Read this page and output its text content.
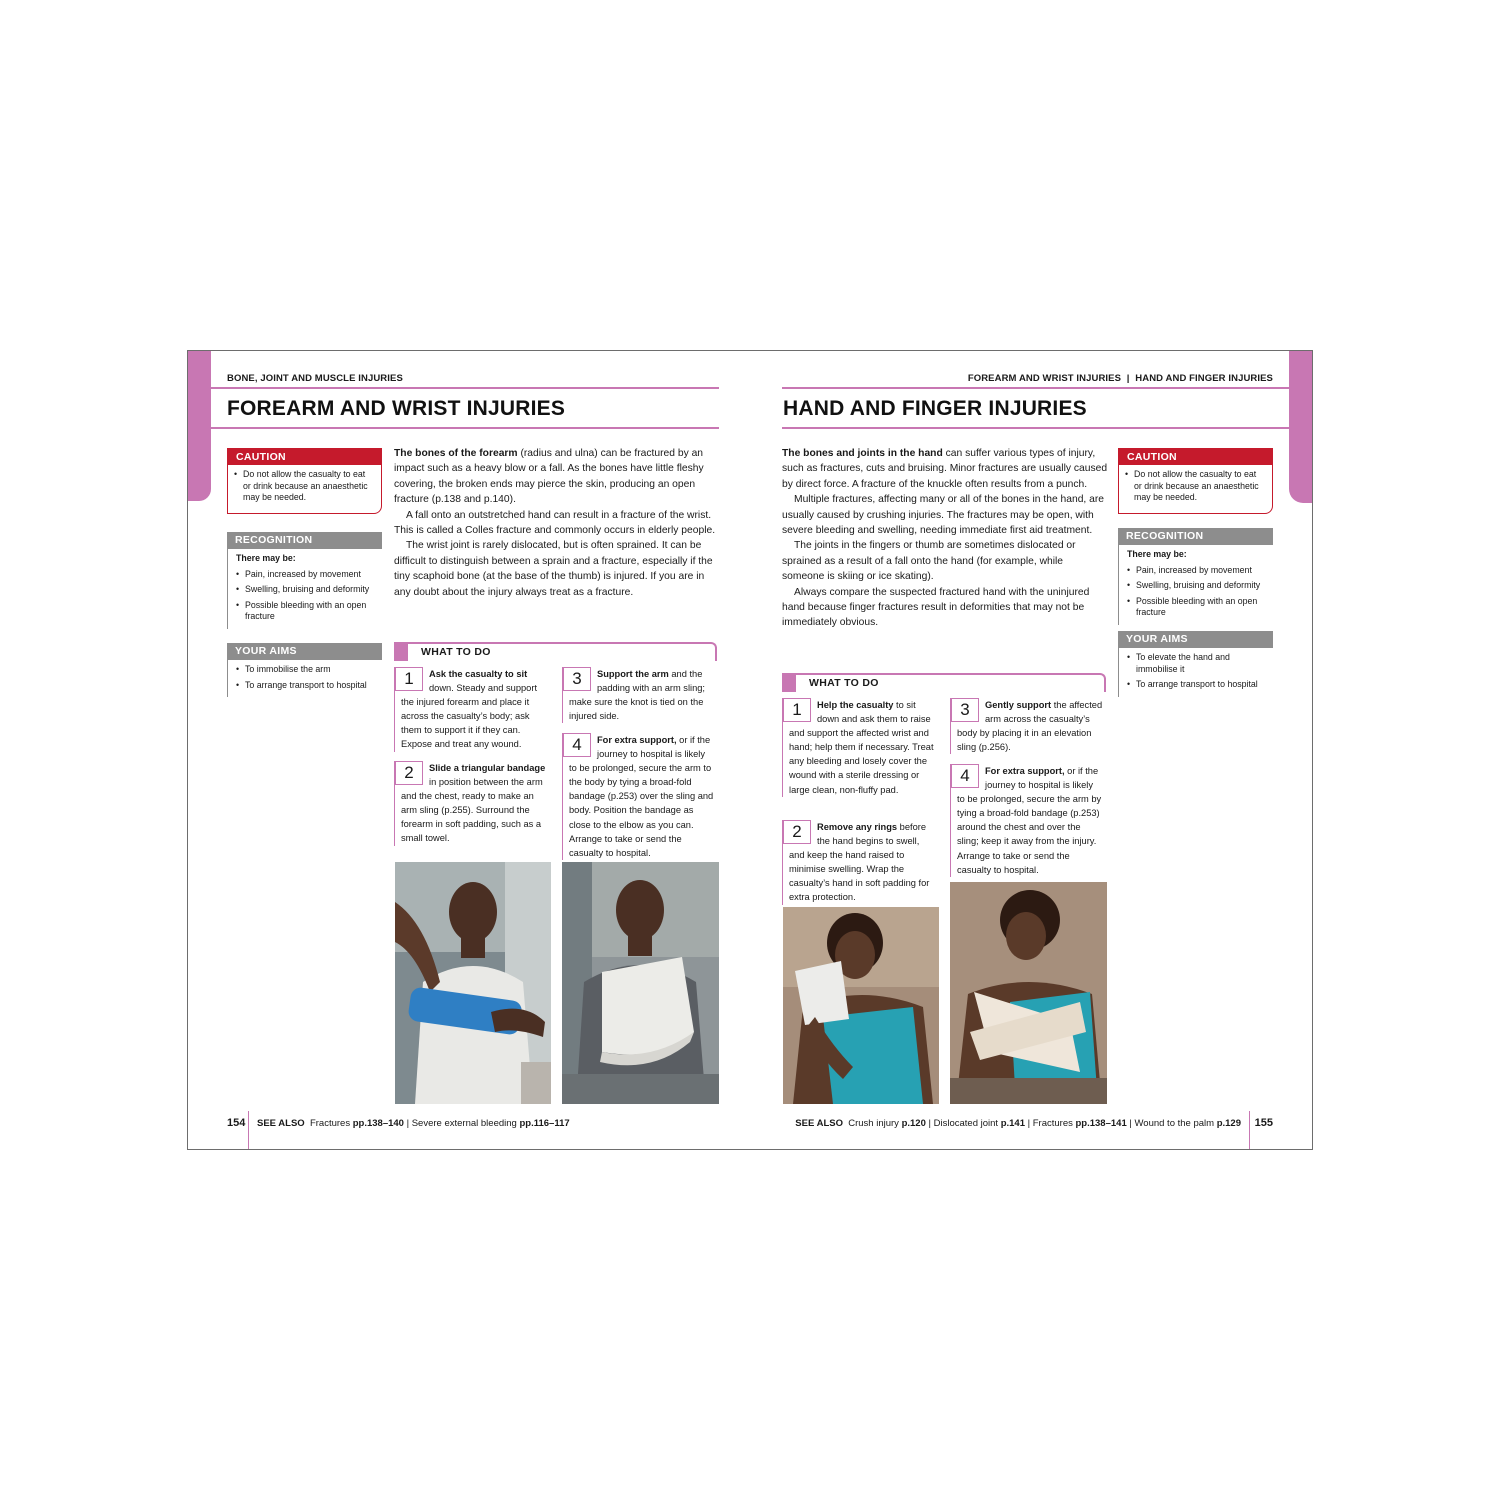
BONE, JOINT AND MUSCLE INJURIES
FOREARM AND WRIST INJURIES
CAUTION
• Do not allow the casualty to eat or drink because an anaesthetic may be needed.
RECOGNITION
There may be:
• Pain, increased by movement
• Swelling, bruising and deformity
• Possible bleeding with an open fracture
YOUR AIMS
• To immobilise the arm
• To arrange transport to hospital

The bones of the forearm (radius and ulna) can be fractured by an impact such as a heavy blow or a fall. As the bones have little fleshy covering, the broken ends may pierce the skin, producing an open fracture (p.138 and p.140).

A fall onto an outstretched hand can result in a fracture of the wrist. This is called a Colles fracture and commonly occurs in elderly people.

The wrist joint is rarely dislocated, but is often sprained. It can be difficult to distinguish between a sprain and a fracture, especially if the tiny scaphoid bone (at the base of the thumb) is injured. If you are in any doubt about the injury always treat as a fracture.

WHAT TO DO
1	Ask the casualty to sit down. Steady and support the injured forearm and place it across the casualty’s body; ask them to support it if they can. Expose and treat any wound.
2	Slide a triangular bandage in position between the arm and the chest, ready to make an arm sling (p.255). Surround the forearm in soft padding, such as a small towel.
3	Support the arm and the padding with an arm sling; make sure the knot is tied on the injured side.
4	For extra support, or if the journey to hospital is likely to be prolonged, secure the arm to the body by tying a broad-fold bandage (p.253) over the sling and body. Position the bandage as close to the elbow as you can. Arrange to take or send the casualty to hospital.
154 SEE ALSO Fractures pp.138–140 | Severe external bleeding pp.116–117
FOREARM AND WRIST INJURIES | HAND AND FINGER INJURIES
HAND AND FINGER INJURIES

The bones and joints in the hand can suffer various types of injury, such as fractures, cuts and bruising. Minor fractures are usually caused by direct force. A fracture of the knuckle often results from a punch.

Multiple fractures, affecting many or all of the bones in the hand, are usually caused by crushing injuries. The fractures may be open, with severe bleeding and swelling, needing immediate first aid treatment.

The joints in the fingers or thumb are sometimes dislocated or sprained as a result of a fall onto the hand (for example, while someone is skiing or ice skating).

Always compare the suspected fractured hand with the uninjured hand because finger fractures result in deformities that may not be immediately obvious.

CAUTION
• Do not allow the casualty to eat or drink because an anaesthetic may be needed.
RECOGNITION
There may be:
• Pain, increased by movement
• Swelling, bruising and deformity
• Possible bleeding with an open fracture
YOUR AIMS
• To elevate the hand and immobilise it
• To arrange transport to hospital
WHAT TO DO
1	Help the casualty to sit down and ask them to raise and support the affected wrist and hand; help them if necessary. Treat any bleeding and losely cover the wound with a sterile dressing or large clean, non-fluffy pad.
2	Remove any rings before the hand begins to swell, and keep the hand raised to minimise swelling. Wrap the casualty’s hand in soft padding for extra protection.
3	Gently support the affected arm across the casualty’s body by placing it in an elevation sling (p.256).
4	For extra support, or if the journey to hospital is likely to be prolonged, secure the arm by tying a broad-fold bandage (p.253) around the chest and over the sling; keep it away from the injury. Arrange to take or send the casualty to hospital.
SEE ALSO Crush injury p.120 | Dislocated joint p.141 | Fractures pp.138–141 | Wound to the palm p.129 155
